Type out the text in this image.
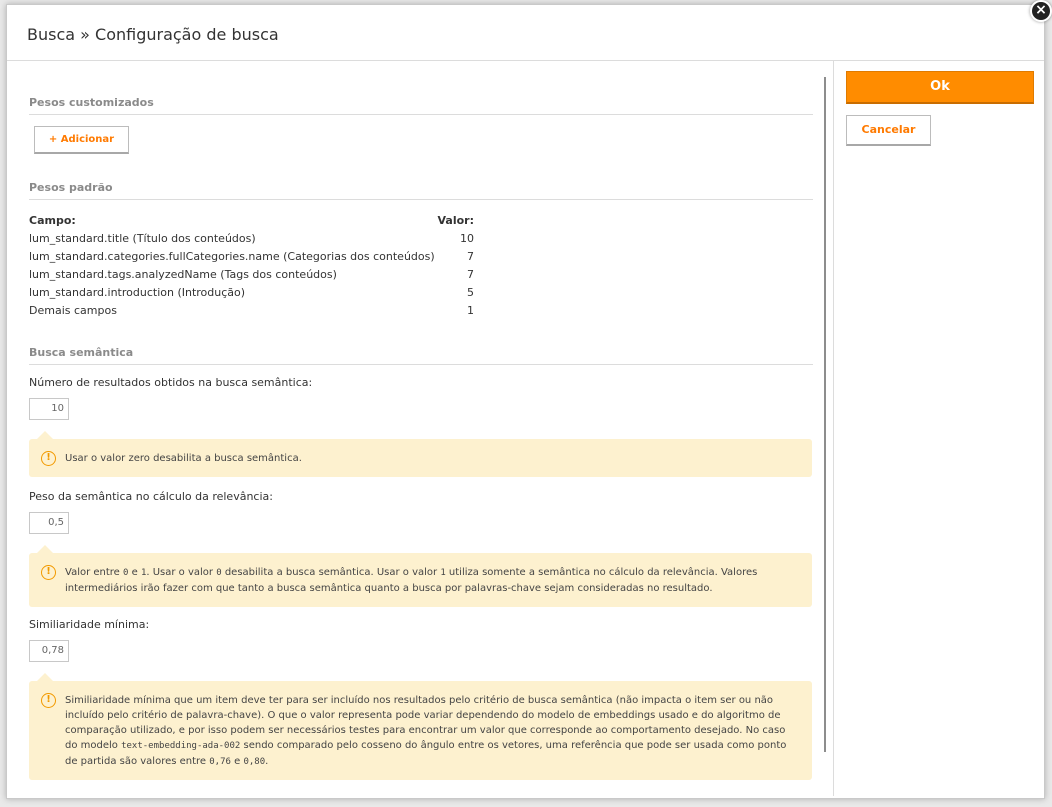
Busca » Configuração de busca
Pesos customizados
+ Adicionar
Pesos padrão
Campo:	Valor:
lum_standard.title (Título dos conteúdos)	10
lum_standard.categories.fullCategories.name (Categorias dos conteúdos)	7
lum_standard.tags.analyzedName (Tags dos conteúdos)	7
lum_standard.introduction (Introdução)	5
Demais campos	1
Busca semântica
Número de resultados obtidos na busca semântica:
10
!	Usar o valor zero desabilita a busca semântica.
Peso da semântica no cálculo da relevância:
0,5
!	Valor entre 0 e 1. Usar o valor 0 desabilita a busca semântica. Usar o valor 1 utiliza somente a semântica no cálculo da relevância. Valores intermediários irão fazer com que tanto a busca semântica quanto a busca por palavras-chave sejam consideradas no resultado.
Similiaridade mínima:
0,78
!	Similiaridade mínima que um item deve ter para ser incluído nos resultados pelo critério de busca semântica (não impacta o item ser ou não incluído pelo critério de palavra-chave). O que o valor representa pode variar dependendo do modelo de embeddings usado e do algoritmo de comparação utilizado, e por isso podem ser necessários testes para encontrar um valor que corresponde ao comportamento desejado. No caso do modelo text-embedding-ada-002 sendo comparado pelo cosseno do ângulo entre os vetores, uma referência que pode ser usada como ponto de partida são valores entre 0,76 e 0,80.
Ok
Cancelar
×
